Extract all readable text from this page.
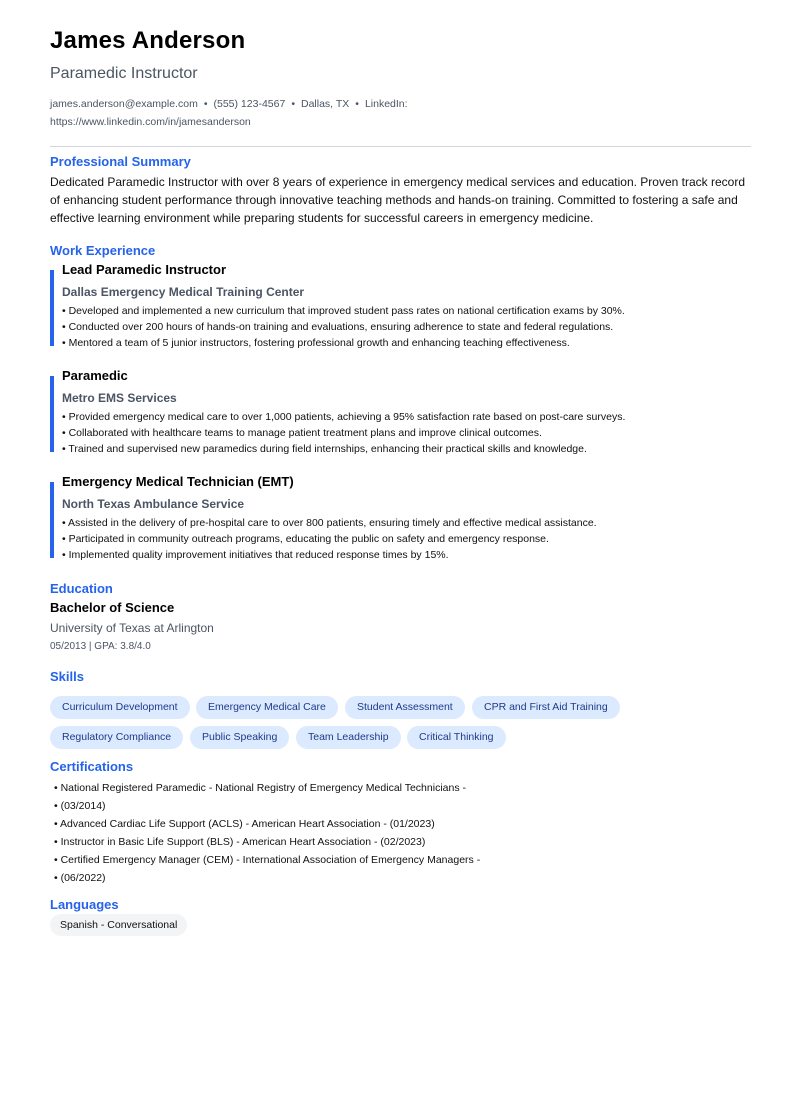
James Anderson
Paramedic Instructor
james.anderson@example.com • (555) 123-4567 • Dallas, TX • LinkedIn:
https://www.linkedin.com/in/jamesanderson
Professional Summary
Dedicated Paramedic Instructor with over 8 years of experience in emergency medical services and education. Proven track record of enhancing student performance through innovative teaching methods and hands-on training. Committed to fostering a safe and effective learning environment while preparing students for successful careers in emergency medicine.
Work Experience
Lead Paramedic Instructor
Dallas Emergency Medical Training Center
• Developed and implemented a new curriculum that improved student pass rates on national certification exams by 30%.
• Conducted over 200 hours of hands-on training and evaluations, ensuring adherence to state and federal regulations.
• Mentored a team of 5 junior instructors, fostering professional growth and enhancing teaching effectiveness.
Paramedic
Metro EMS Services
• Provided emergency medical care to over 1,000 patients, achieving a 95% satisfaction rate based on post-care surveys.
• Collaborated with healthcare teams to manage patient treatment plans and improve clinical outcomes.
• Trained and supervised new paramedics during field internships, enhancing their practical skills and knowledge.
Emergency Medical Technician (EMT)
North Texas Ambulance Service
• Assisted in the delivery of pre-hospital care to over 800 patients, ensuring timely and effective medical assistance.
• Participated in community outreach programs, educating the public on safety and emergency response.
• Implemented quality improvement initiatives that reduced response times by 15%.
Education
Bachelor of Science
University of Texas at Arlington
05/2013 | GPA: 3.8/4.0
Skills
Curriculum Development	Emergency Medical Care	Student Assessment	CPR and First Aid Training
Regulatory Compliance	Public Speaking	Team Leadership	Critical Thinking
Certifications
• National Registered Paramedic - National Registry of Emergency Medical Technicians -
• (03/2014)
• Advanced Cardiac Life Support (ACLS) - American Heart Association - (01/2023)
• Instructor in Basic Life Support (BLS) - American Heart Association - (02/2023)
• Certified Emergency Manager (CEM) - International Association of Emergency Managers -
• (06/2022)
Languages
Spanish - Conversational
